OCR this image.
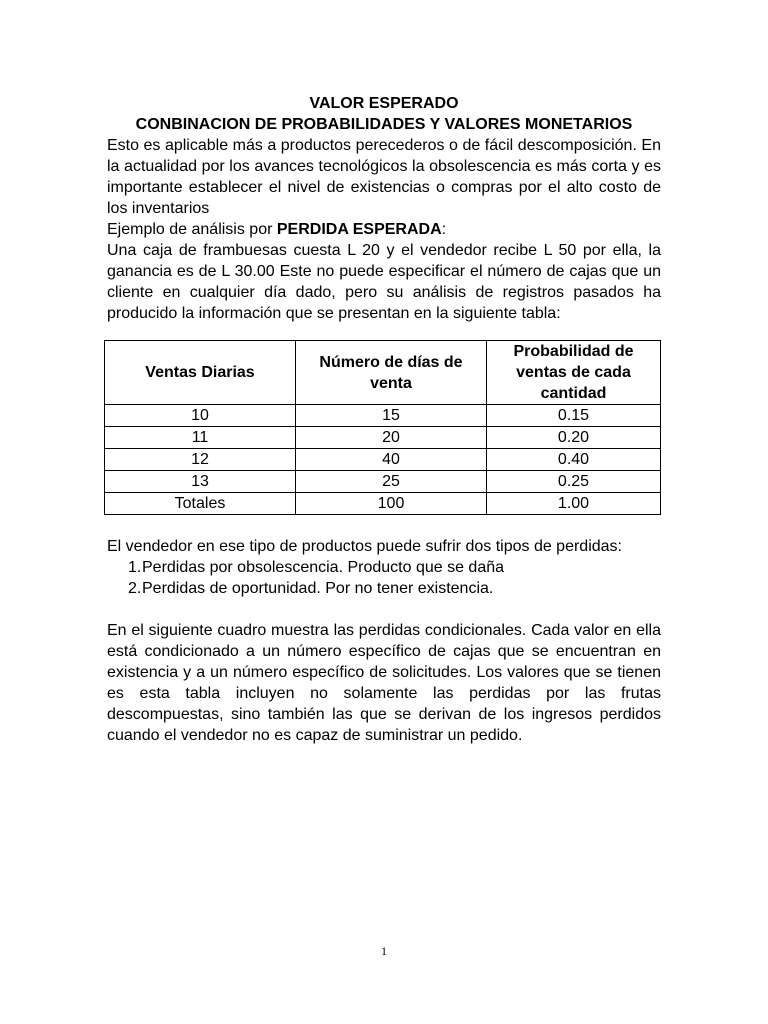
VALOR ESPERADO
CONBINACION DE PROBABILIDADES Y VALORES MONETARIOS

Esto es aplicable más a productos perecederos o de fácil descomposición. En la actualidad por los avances tecnológicos la obsolescencia es más corta y es importante establecer el nivel de existencias o compras por el alto costo de los inventarios

Ejemplo de análisis por PERDIDA ESPERADA:

Una caja de frambuesas cuesta L 20 y el vendedor recibe L 50 por ella, la ganancia es de L 30.00 Este no puede especificar el número de cajas que un cliente en cualquier día dado, pero su análisis de registros pasados ha producido la información que se presentan en la siguiente tabla:

Ventas Diarias	Número de días de venta	Probabilidad de ventas de cada cantidad
10	15	0.15
11	20	0.20
12	40	0.40
13	25	0.25
Totales	100	1.00

El vendedor en ese tipo de productos puede sufrir dos tipos de perdidas:

1. Perdidas por obsolescencia. Producto que se daña
2. Perdidas de oportunidad. Por no tener existencia.

En el siguiente cuadro muestra las perdidas condicionales. Cada valor en ella está condicionado a un número específico de cajas que se encuentran en existencia y a un número específico de solicitudes. Los valores que se tienen es esta tabla incluyen no solamente las perdidas por las frutas descompuestas, sino también las que se derivan de los ingresos perdidos cuando el vendedor no es capaz de suministrar un pedido.

1
